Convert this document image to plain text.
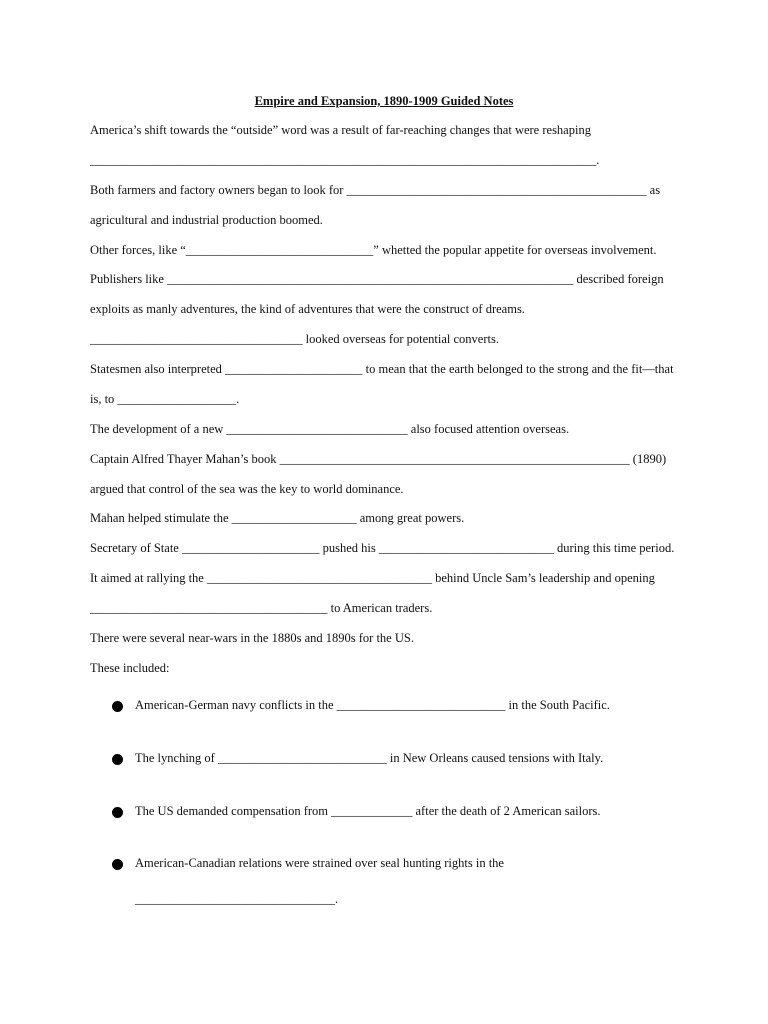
Empire and Expansion, 1890-1909 Guided Notes
America’s shift towards the “outside” word was a result of far-reaching changes that were reshaping
_________________________________________________________________________________.
Both farmers and factory owners began to look for ________________________________________________ as
agricultural and industrial production boomed.
Other forces, like “______________________________” whetted the popular appetite for overseas involvement.
Publishers like _________________________________________________________________ described foreign
exploits as manly adventures, the kind of adventures that were the construct of dreams.
__________________________________ looked overseas for potential converts.
Statesmen also interpreted ______________________ to mean that the earth belonged to the strong and the fit—that
is, to ___________________.
The development of a new _____________________________ also focused attention overseas.
Captain Alfred Thayer Mahan’s book ________________________________________________________ (1890)
argued that control of the sea was the key to world dominance.
Mahan helped stimulate the ____________________ among great powers.
Secretary of State ______________________ pushed his ____________________________ during this time period.
It aimed at rallying the ____________________________________ behind Uncle Sam’s leadership and opening
______________________________________ to American traders.
There were several near-wars in the 1880s and 1890s for the US.
These included:
American-German navy conflicts in the ___________________________ in the South Pacific.
The lynching of ___________________________ in New Orleans caused tensions with Italy.
The US demanded compensation from _____________ after the death of 2 American sailors.
American-Canadian relations were strained over seal hunting rights in the
________________________________.
